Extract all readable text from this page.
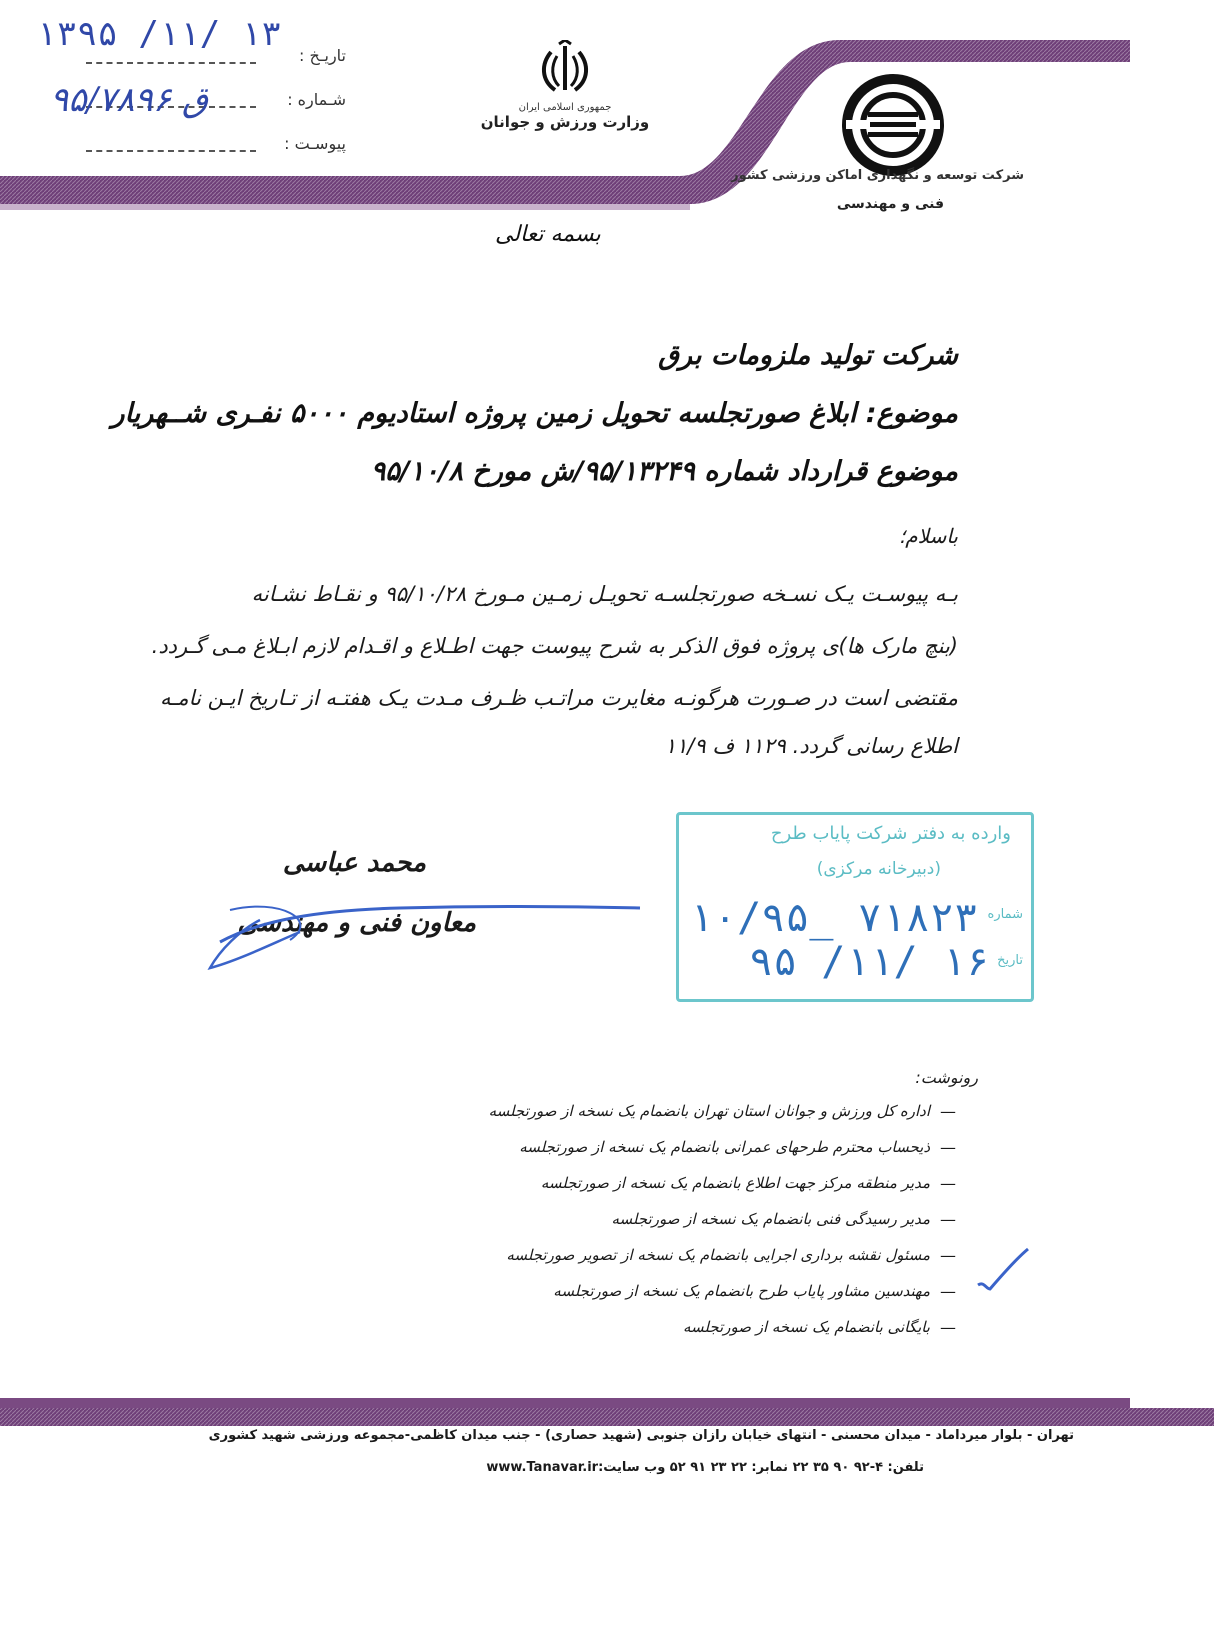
تاریـخ :
شـماره :
پیوسـت :
۱۳۹۵ /۱۱/ ۱۳
۹۵/۷۸۹۶ ق	جمهوری اسلامی ایران
وزارت ورزش و جوانان
شرکت توسعه و نگهداری اماکن ورزشی کشور
فنی و مهندسی
بسمه تعالی
شرکت تولید ملزومات برق
موضوع: ابلاغ صورتجلسه تحویل زمین پروژه استادیوم ۵۰۰۰ نفـری شــهریار
موضوع قرارداد شماره ۹۵/۱۳۲۴۹/ش مورخ ۹۵/۱۰/۸
باسلام؛
بـه پیوسـت یـک نسـخه صورتجلسـه تحویـل زمـین مـورخ ۹۵/۱۰/۲۸ و نقـاط نشـانه
(بنچ مارک ها)ی پروژه فوق الذکر به شرح پیوست جهت اطـلاع و اقـدام لازم ابـلاغ مـی گـردد.
مقتضی است در صـورت هرگونـه مغایرت مراتـب ظـرف مـدت یـک هفتـه از تـاریخ ایـن نامـه
اطلاع رسانی گردد. ۱۱۲۹ ف ۱۱/۹
محمد عباسی
معاون فنی و مهندسی
وارده به دفتر شرکت پایاب طرح
(دبیرخانه مرکزی)
شماره
تاریخ
۱۰/۹۵_ ۷۱۸۲۳
۹۵ /۱۱/ ۱۶
رونوشت:
—
اداره کل ورزش و جوانان استان تهران بانضمام یک نسخه از صورتجلسه
—
ذیحساب محترم طرحهای عمرانی بانضمام یک نسخه از صورتجلسه
—
مدیر منطقه مرکز جهت اطلاع بانضمام یک نسخه از صورتجلسه
—
مدیر رسیدگی فنی بانضمام یک نسخه از صورتجلسه
—
مسئول نقشه برداری اجرایی بانضمام یک نسخه از تصویر صورتجلسه
—
مهندسین مشاور پایاب طرح بانضمام یک نسخه از صورتجلسه
—
بایگانی بانضمام یک نسخه از صورتجلسه
تهران - بلوار میرداماد - میدان محسنی - انتهای خیابان رازان جنوبی (شهید حصاری) - جنب میدان کاظمی-مجموعه ورزشی شهید کشوری
تلفن: ۴-۹۲ ۹۰ ۳۵ ۲۲ نمابر: ۲۲ ۲۳ ۹۱ ۵۲ وب سایت:www.Tanavar.ir
